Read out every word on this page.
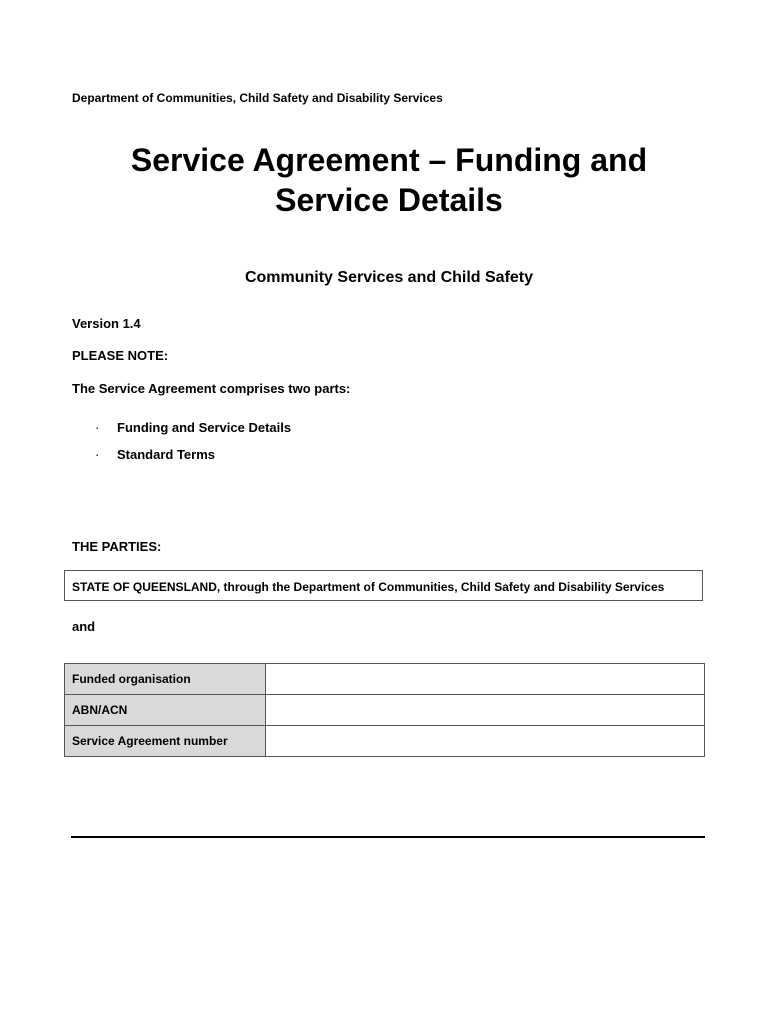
Department of Communities, Child Safety and Disability Services
Service Agreement – Funding and
Service Details
Community Services and Child Safety
Version 1.4
PLEASE NOTE:
The Service Agreement comprises two parts:
· Funding and Service Details
· Standard Terms
THE PARTIES:
STATE OF QUEENSLAND, through the Department of Communities, Child Safety and Disability Services
and
Funded organisation	
ABN/ACN	
Service Agreement number	
